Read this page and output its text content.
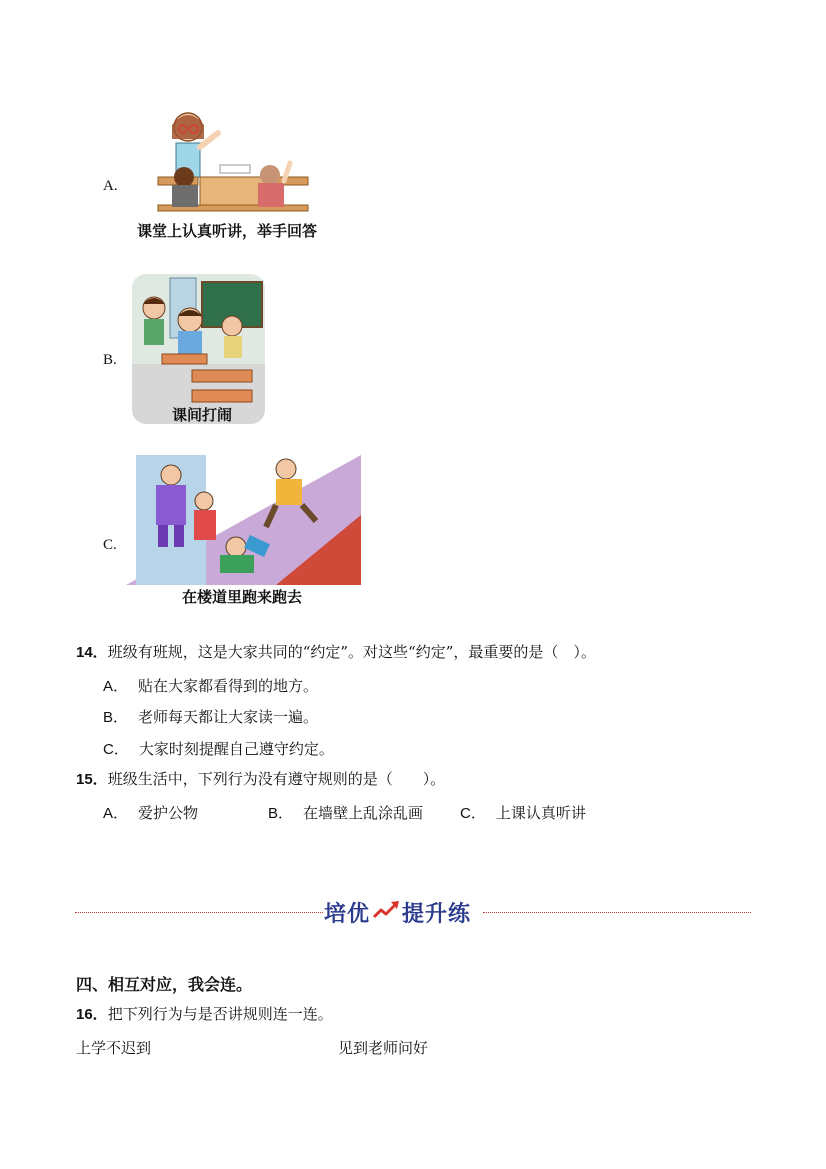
A.
课堂上认真听讲，举手回答
B.
课间打闹
C.
在楼道里跑来跑去
14．班级有班规，这是大家共同的“约定”。对这些“约定”，最重要的是（　）。
A． 贴在大家都看得到的地方。
B． 老师每天都让大家读一遍。
C． 大家时刻提醒自己遵守约定。
15．班级生活中，下列行为没有遵守规则的是（　　）。
A． 爱护公物	B． 在墙壁上乱涂乱画 C． 上课认真听讲
培优 提升练
四、相互对应，我会连。
16．把下列行为与是否讲规则连一连。
上学不迟到	见到老师问好
